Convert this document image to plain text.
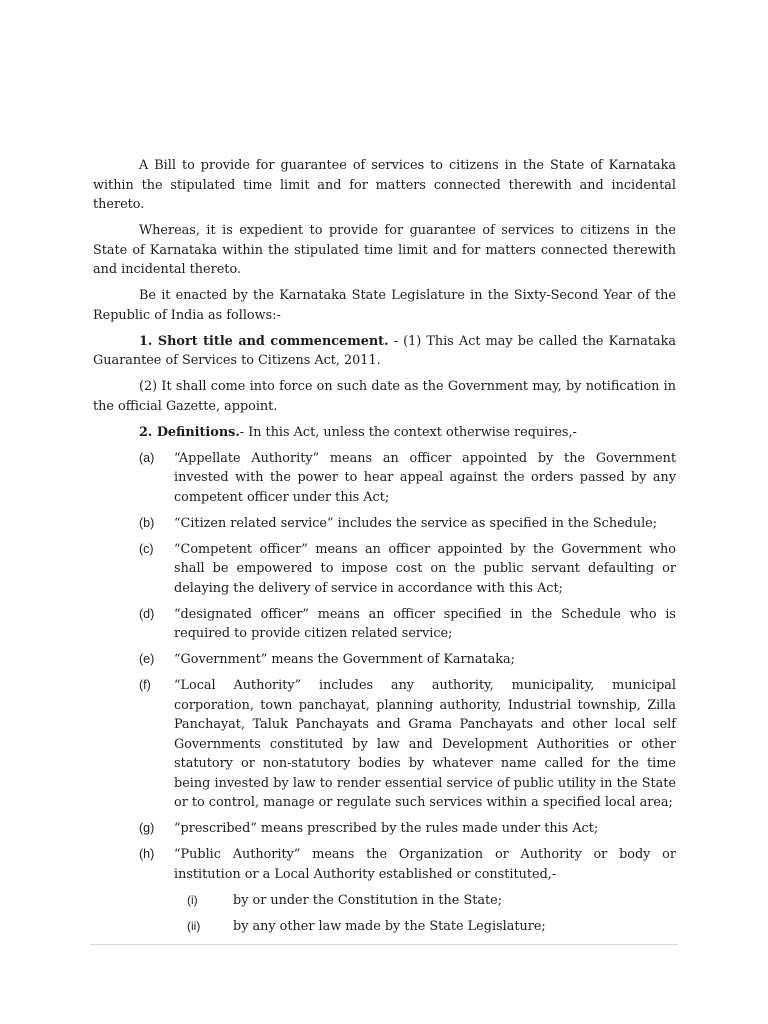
A Bill to provide for guarantee of services to citizens in the State of Karnataka within the stipulated time limit and for matters connected therewith and incidental thereto.

Whereas, it is expedient to provide for guarantee of services to citizens in the State of Karnataka within the stipulated time limit and for matters connected therewith and incidental thereto.

Be it enacted by the Karnataka State Legislature in the Sixty-Second Year of the Republic of India as follows:-

1. Short title and commencement. - (1) This Act may be called the Karnataka Guarantee of Services to Citizens Act, 2011.

(2) It shall come into force on such date as the Government may, by notification in the official Gazette, appoint.

2. Definitions.- In this Act, unless the context otherwise requires,-

(a) “Appellate Authority” means an officer appointed by the Government invested with the power to hear appeal against the orders passed by any competent officer under this Act;
(b) “Citizen related service” includes the service as specified in the Schedule;
(c) “Competent officer” means an officer appointed by the Government who shall be empowered to impose cost on the public servant defaulting or delaying the delivery of service in accordance with this Act;
(d) “designated officer” means an officer specified in the Schedule who is required to provide citizen related service;
(e) “Government” means the Government of Karnataka;
(f) “Local Authority” includes any authority, municipality, municipal corporation, town panchayat, planning authority, Industrial township, Zilla Panchayat, Taluk Panchayats and Grama Panchayats and other local self Governments constituted by law and Development Authorities or other statutory or non-statutory bodies by whatever name called for the time being invested by law to render essential service of public utility in the State or to control, manage or regulate such services within a specified local area;
(g) “prescribed” means prescribed by the rules made under this Act;
(h) “Public Authority” means the Organization or Authority or body or institution or a Local Authority established or constituted,-
(i)	by or under the Constitution in the State;
(ii)	by any other law made by the State Legislature;
